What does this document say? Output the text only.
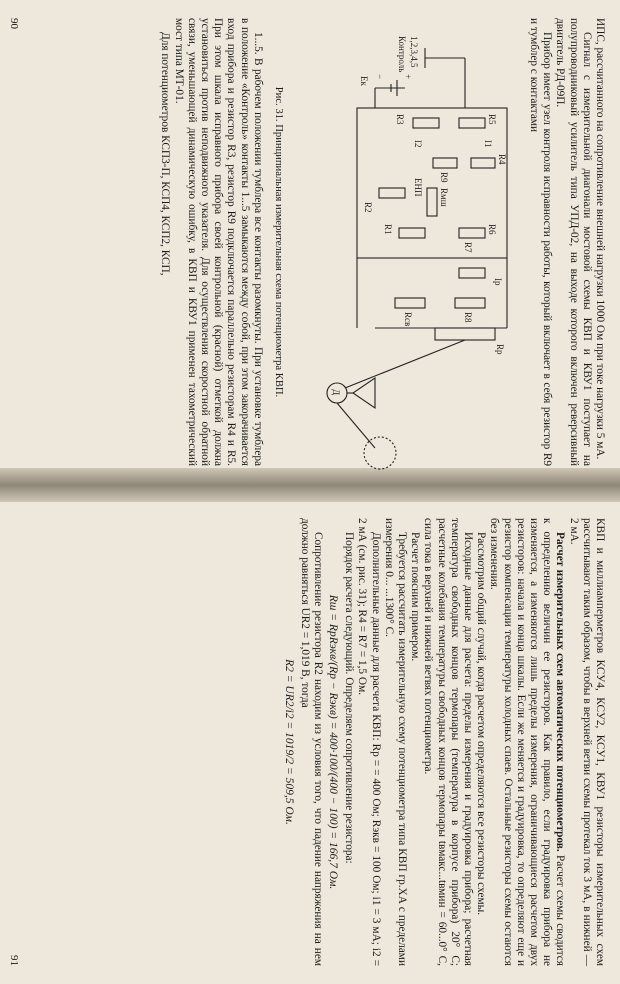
ИПС, рассчитанного на сопротивление внешней нагрузки 1000 Ом при токе нагрузки 5 мА.

Сигнал с измерительной диагонали мостовой схемы КВП и КВУ1 поступает на полупроводниковый усилитель типа УПД-02, на выходе которого включен реверсивный двигатель РД-09П.

Прибор имеет узел контроля исправности работы, который включает в себя резистор R9 и тумблер с контактами

R5
R3
R4
R9
Rмш
R6
R7
R1
R8
Rсв
R2
Rр
Iр
I1
I2
ЕНП
+
−
Eк
1,2,3,4,5
Контроль
Д

Рис. 31. Принципиальная измерительная схема потенциометра КВП.

1...5. В рабочем положении тумблера все контакты разомкнуты. При установке тумблера в положение «Контроль» контакты 1...5 замыкаются между собой, при этом закорачивается вход прибора и резистор R3, резистор R9 подключается параллельно резисторам R4 и R5. При этом шкала исправного прибора своей контрольной (красной) отметкой должна установиться против неподвижного указателя. Для осуществления скоростной обратной связи, уменьшающей динамическую ошибку, в КВП и КВУ1 применен тахометрический мост типа МТ-01.

Для потенциометров КСП3-П, КСП4, КСП2, КСП,

90

КВП и миллиамперметров КСУ4, КСУ2, КСУ1, КВУ1 резисторы измерительных схем рассчитывают таким образом, чтобы в верхней ветви схемы протекал ток 3 мА, в нижней — 2 мА.

Расчет измерительных схем автоматических потенциометров. Расчет схемы сводится к определению величин ее резисторов. Как правило, если градуировка прибора не изменяется, а изменяются лишь пределы измерения, ограничивающиеся расчетом двух резисторов: начала и конца шкалы. Если же меняется и градуировка, то определяют еще и резистор компенсации температуры холодных спаев. Остальные резисторы схемы остаются без изменения.

Рассмотрим общий случай, когда расчетом определяются все резисторы схемы.

Исходные данные для расчета: пределы измерения и градуировка прибора; расчетная температура свободных концов термопары (температура в корпусе прибора) 20° С; расчетные колебания температуры свободных концов термопары tвмакс...tвмин = 60...0° С, сила тока в верхней и нижней ветвях потенциометра.

Расчет поясним примером.

Требуется рассчитать измерительную схему потенциометра типа КВП гр.ХА с пределами измерения 0... ...1300° С.

Дополнительные данные для расчета КВП: Rр = = 400 Ом; Rэкв = 100 Ом; i1 = 3 мА; i2 = 2 мА (см. рис. 31); R4 = R7 = 1,5 Ом.

Порядок расчета следующий. Определяем сопротивление резистора:

Rш = RрRэкв/(Rр − Rэкв) = 400·100/(400 − 100) = 166,7 Ом.

Сопротивление резистора R2 находим из условия того, что падение напряжения на нем должно равняться UR2 = 1,019 В, тогда

R2 = UR2/i2 = 1019/2 = 509,5 Ом.

91
